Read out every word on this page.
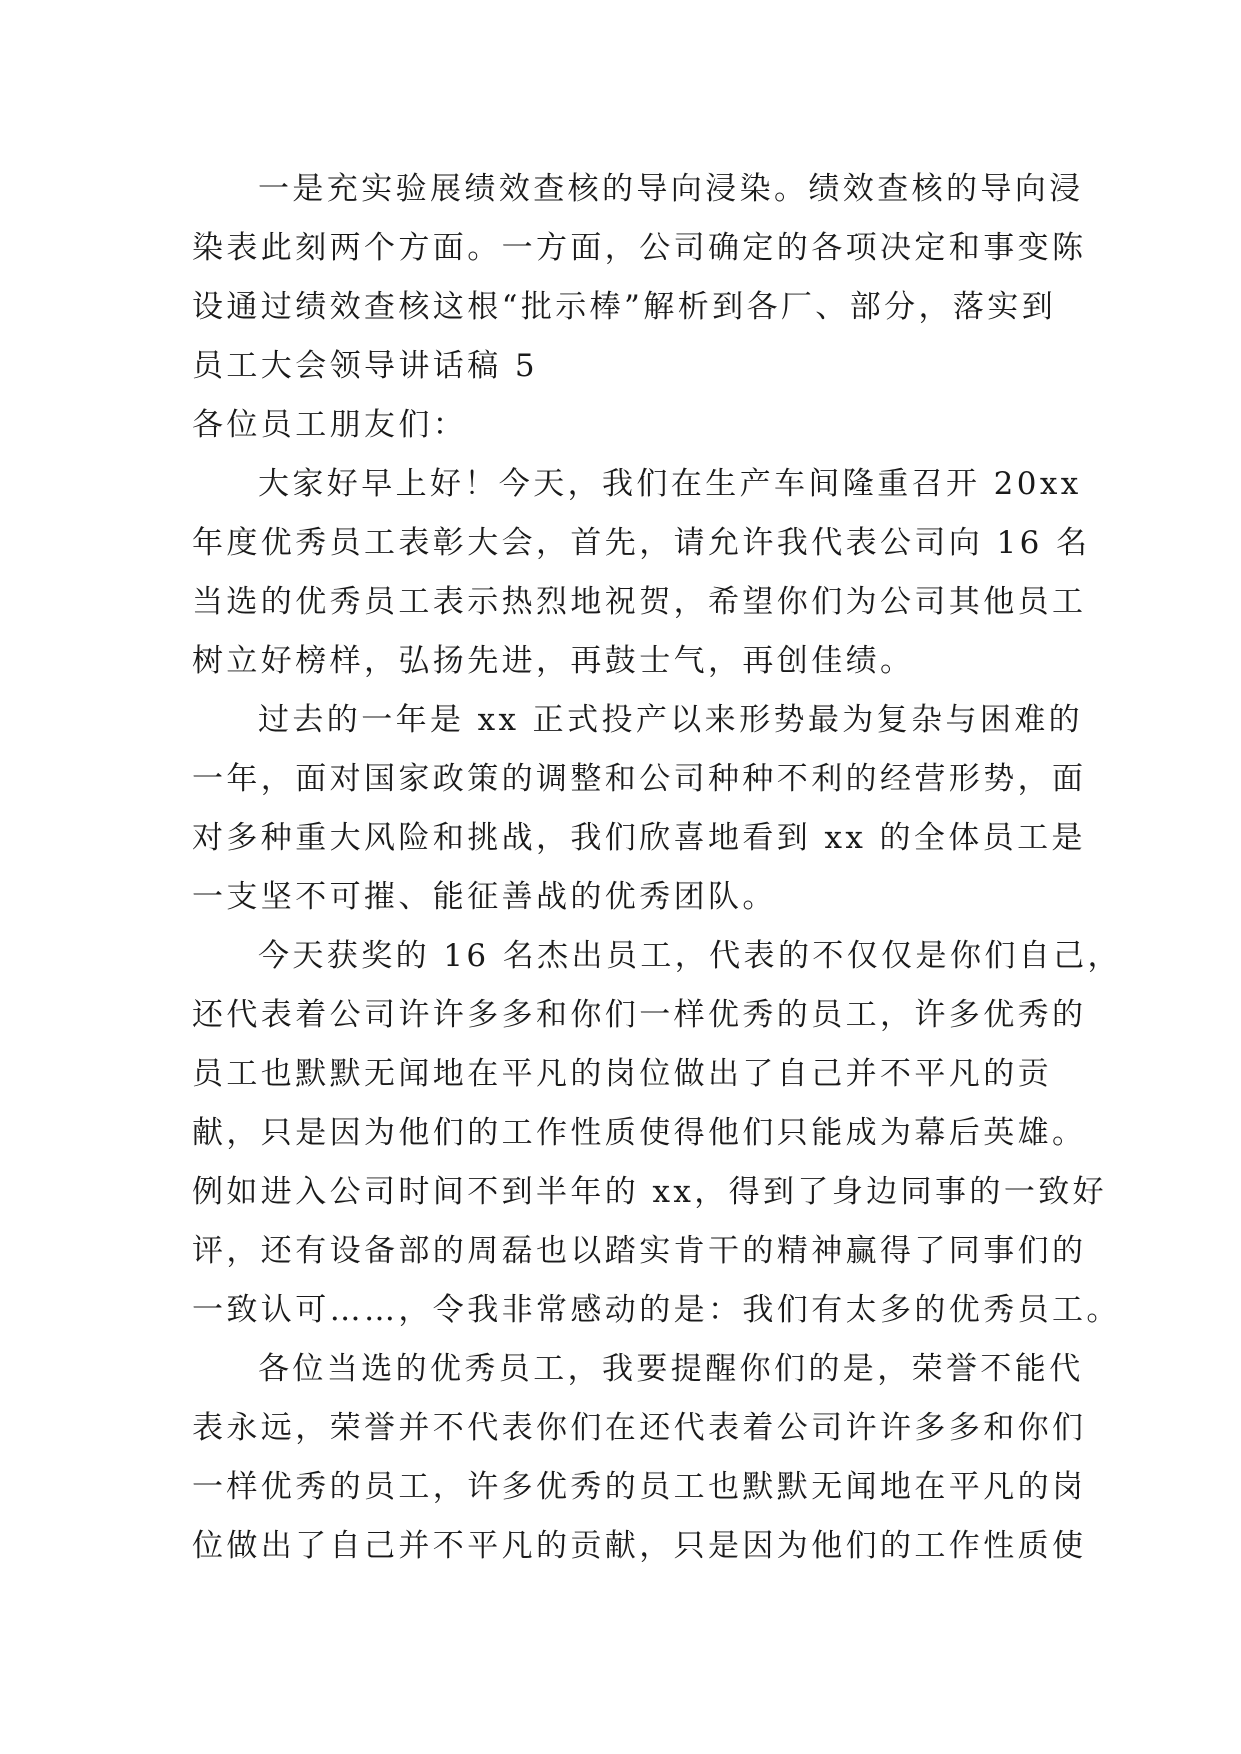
一是充实验展绩效查核的导向浸染。绩效查核的导向浸
染表此刻两个方面。一方面，公司确定的各项决定和事变陈
设通过绩效查核这根“批示棒”解析到各厂、部分，落实到
员工大会领导讲话稿 5
各位员工朋友们：
大家好早上好！今天，我们在生产车间隆重召开 20xx
年度优秀员工表彰大会，首先，请允许我代表公司向 16 名
当选的优秀员工表示热烈地祝贺，希望你们为公司其他员工
树立好榜样，弘扬先进，再鼓士气，再创佳绩。
过去的一年是 xx 正式投产以来形势最为复杂与困难的
一年，面对国家政策的调整和公司种种不利的经营形势，面
对多种重大风险和挑战，我们欣喜地看到 xx 的全体员工是
一支坚不可摧、能征善战的优秀团队。
今天获奖的 16 名杰出员工，代表的不仅仅是你们自己，
还代表着公司许许多多和你们一样优秀的员工，许多优秀的
员工也默默无闻地在平凡的岗位做出了自己并不平凡的贡
献，只是因为他们的工作性质使得他们只能成为幕后英雄。
例如进入公司时间不到半年的 xx，得到了身边同事的一致好
评，还有设备部的周磊也以踏实肯干的精神赢得了同事们的
一致认可……，令我非常感动的是：我们有太多的优秀员工。
各位当选的优秀员工，我要提醒你们的是，荣誉不能代
表永远，荣誉并不代表你们在还代表着公司许许多多和你们
一样优秀的员工，许多优秀的员工也默默无闻地在平凡的岗
位做出了自己并不平凡的贡献，只是因为他们的工作性质使
